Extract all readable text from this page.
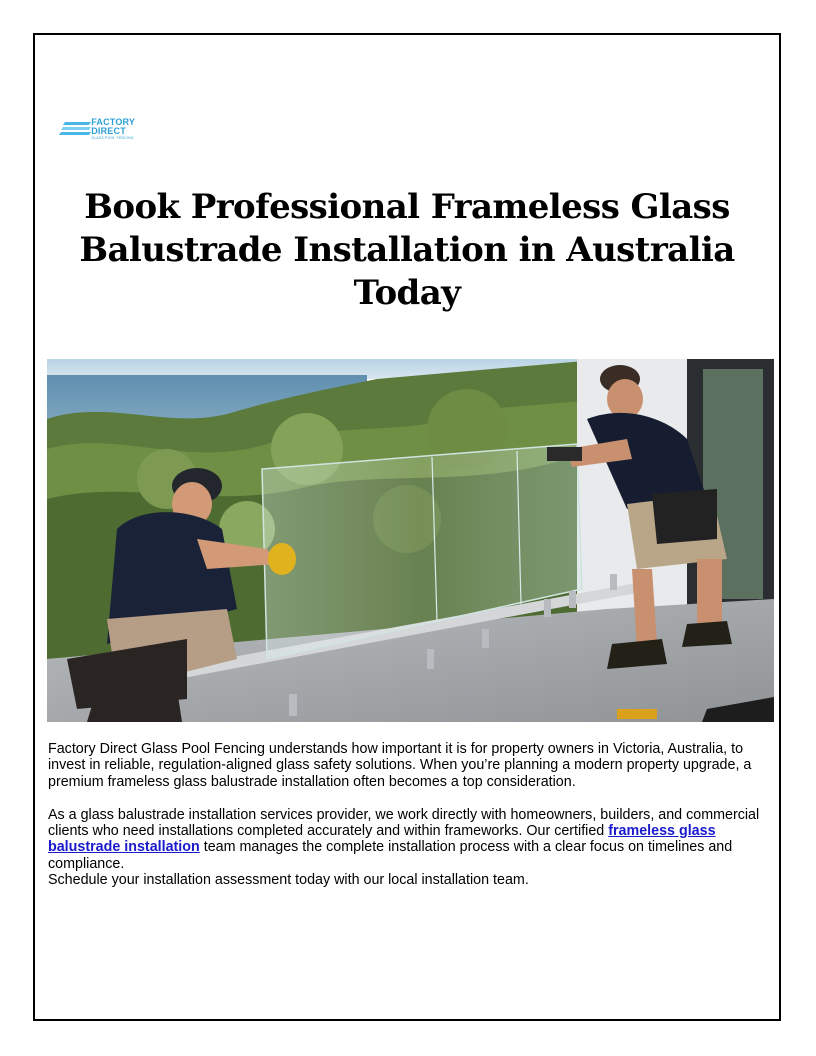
FACTORY DIRECT
GLASS POOL FENCING
Book Professional Frameless Glass Balustrade Installation in Australia Today

Factory Direct Glass Pool Fencing understands how important it is for property owners in Victoria, Australia, to invest in reliable, regulation-aligned glass safety solutions. When you’re planning a modern property upgrade, a premium frameless glass balustrade installation often becomes a top consideration.

As a glass balustrade installation services provider, we work directly with homeowners, builders, and commercial clients who need installations completed accurately and within frameworks. Our certified frameless glass balustrade installation team manages the complete installation process with a clear focus on timelines and compliance.

Schedule your installation assessment today with our local installation team.
